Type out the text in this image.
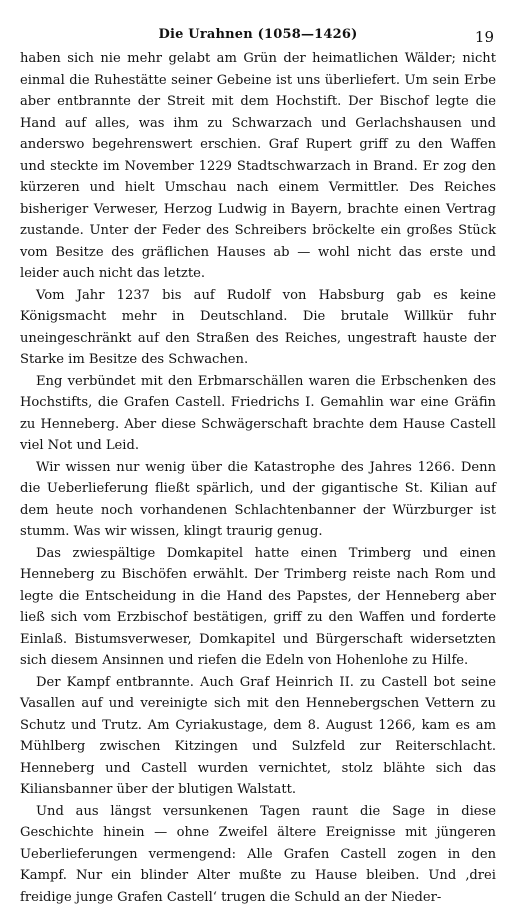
Die Urahnen (1058—1426)	19

haben sich nie mehr gelabt am Grün der heimatlichen Wälder; nicht einmal die Ruhestätte seiner Gebeine ist uns überliefert. Um sein Erbe aber entbrannte der Streit mit dem Hochstift. Der Bischof legte die Hand auf alles, was ihm zu Schwarzach und Gerlachshausen und anderswo begehrenswert erschien. Graf Rupert griff zu den Waffen und steckte im November 1229 Stadtschwarzach in Brand. Er zog den kürzeren und hielt Umschau nach einem Vermittler. Des Reiches bisheriger Verweser, Herzog Ludwig in Bayern, brachte einen Vertrag zustande. Unter der Feder des Schreibers bröckelte ein großes Stück vom Besitze des gräflichen Hauses ab — wohl nicht das erste und leider auch nicht das letzte.

Vom Jahr 1237 bis auf Rudolf von Habsburg gab es keine Königsmacht mehr in Deutschland. Die brutale Willkür fuhr uneingeschränkt auf den Straßen des Reiches, ungestraft hauste der Starke im Besitze des Schwachen.

Eng verbündet mit den Erbmarschällen waren die Erbschenken des Hochstifts, die Grafen Castell. Friedrichs I. Gemahlin war eine Gräfin zu Henneberg. Aber diese Schwägerschaft brachte dem Hause Castell viel Not und Leid.

Wir wissen nur wenig über die Katastrophe des Jahres 1266. Denn die Ueberlieferung fließt spärlich, und der gigantische St. Kilian auf dem heute noch vorhandenen Schlachtenbanner der Würzburger ist stumm. Was wir wissen, klingt traurig genug.

Das zwiespältige Domkapitel hatte einen Trimberg und einen Henneberg zu Bischöfen erwählt. Der Trimberg reiste nach Rom und legte die Entscheidung in die Hand des Papstes, der Henneberg aber ließ sich vom Erzbischof bestätigen, griff zu den Waffen und forderte Einlaß. Bistumsverweser, Domkapitel und Bürgerschaft widersetzten sich diesem Ansinnen und riefen die Edeln von Hohenlohe zu Hilfe.

Der Kampf entbrannte. Auch Graf Heinrich II. zu Castell bot seine Vasallen auf und vereinigte sich mit den Hennebergschen Vettern zu Schutz und Trutz. Am Cyriakustage, dem 8. August 1266, kam es am Mühlberg zwischen Kitzingen und Sulzfeld zur Reiterschlacht. Henneberg und Castell wurden vernichtet, stolz blähte sich das Kiliansbanner über der blutigen Walstatt.

Und aus längst versunkenen Tagen raunt die Sage in diese Geschichte hinein — ohne Zweifel ältere Ereignisse mit jüngeren Ueberlieferungen vermengend: Alle Grafen Castell zogen in den Kampf. Nur ein blinder Alter mußte zu Hause bleiben. Und ‚drei freidige junge Grafen Castell‘ trugen die Schuld an der Nieder-
